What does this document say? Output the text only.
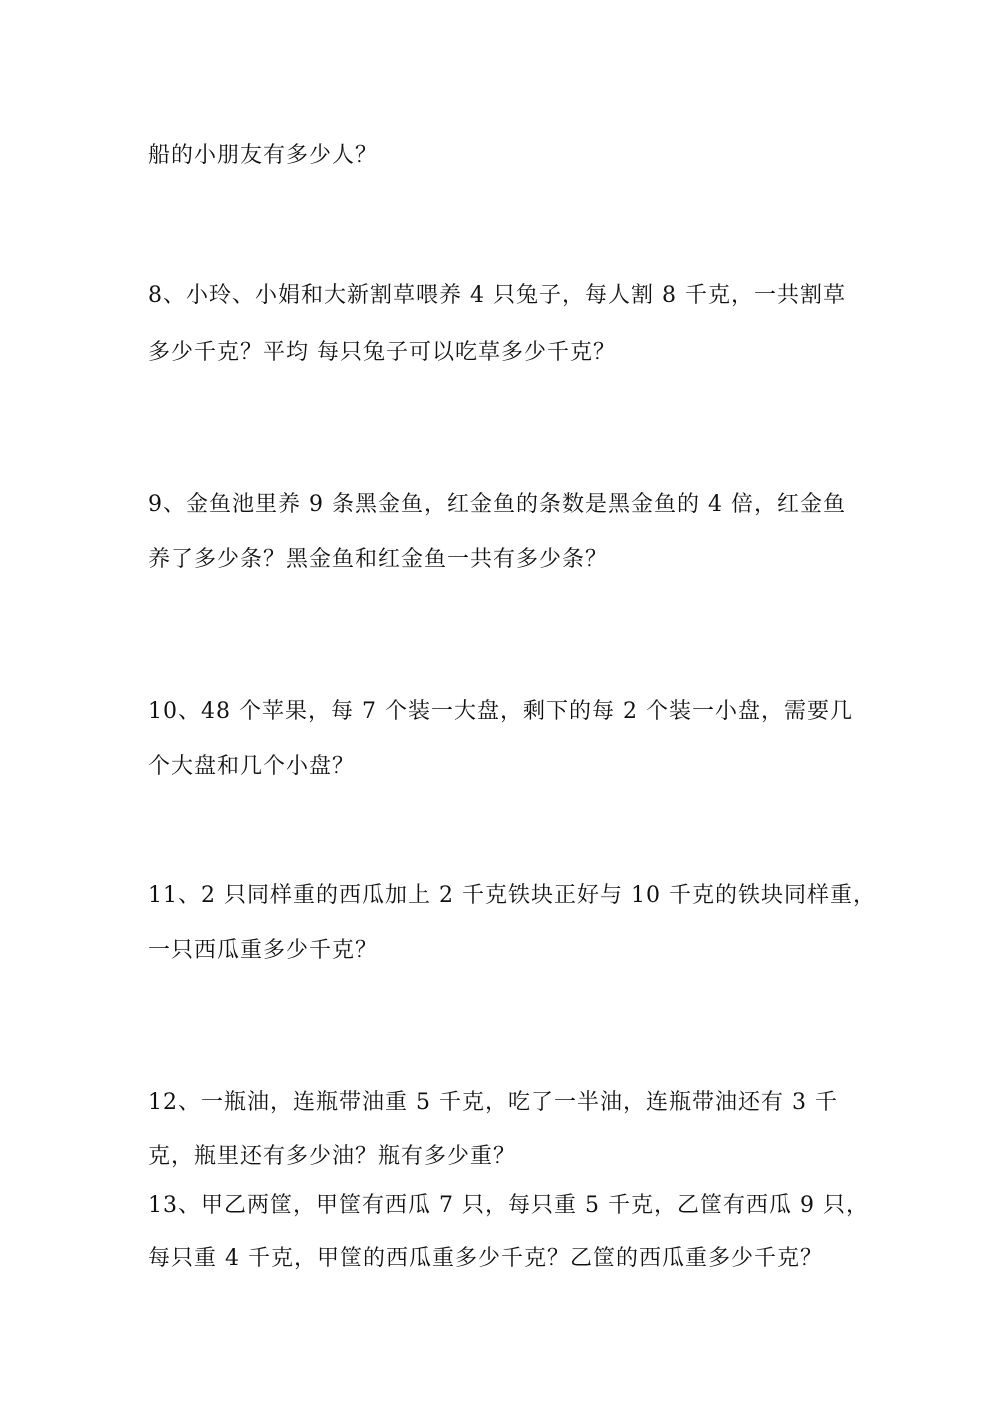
船的小朋友有多少人？
8、小玲、小娟和大新割草喂养 4 只兔子，每人割 8 千克，一共割草
多少千克？平均 每只兔子可以吃草多少千克？
9、金鱼池里养 9 条黑金鱼，红金鱼的条数是黑金鱼的 4 倍，红金鱼
养了多少条？黑金鱼和红金鱼一共有多少条？
10、48 个苹果，每 7 个装一大盘，剩下的每 2 个装一小盘，需要几
个大盘和几个小盘？
11、2 只同样重的西瓜加上 2 千克铁块正好与 10 千克的铁块同样重，
一只西瓜重多少千克？
12、一瓶油，连瓶带油重 5 千克，吃了一半油，连瓶带油还有 3 千
克，瓶里还有多少油？瓶有多少重？
13、甲乙两筐，甲筐有西瓜 7 只，每只重 5 千克，乙筐有西瓜 9 只，
每只重 4 千克，甲筐的西瓜重多少千克？乙筐的西瓜重多少千克？
